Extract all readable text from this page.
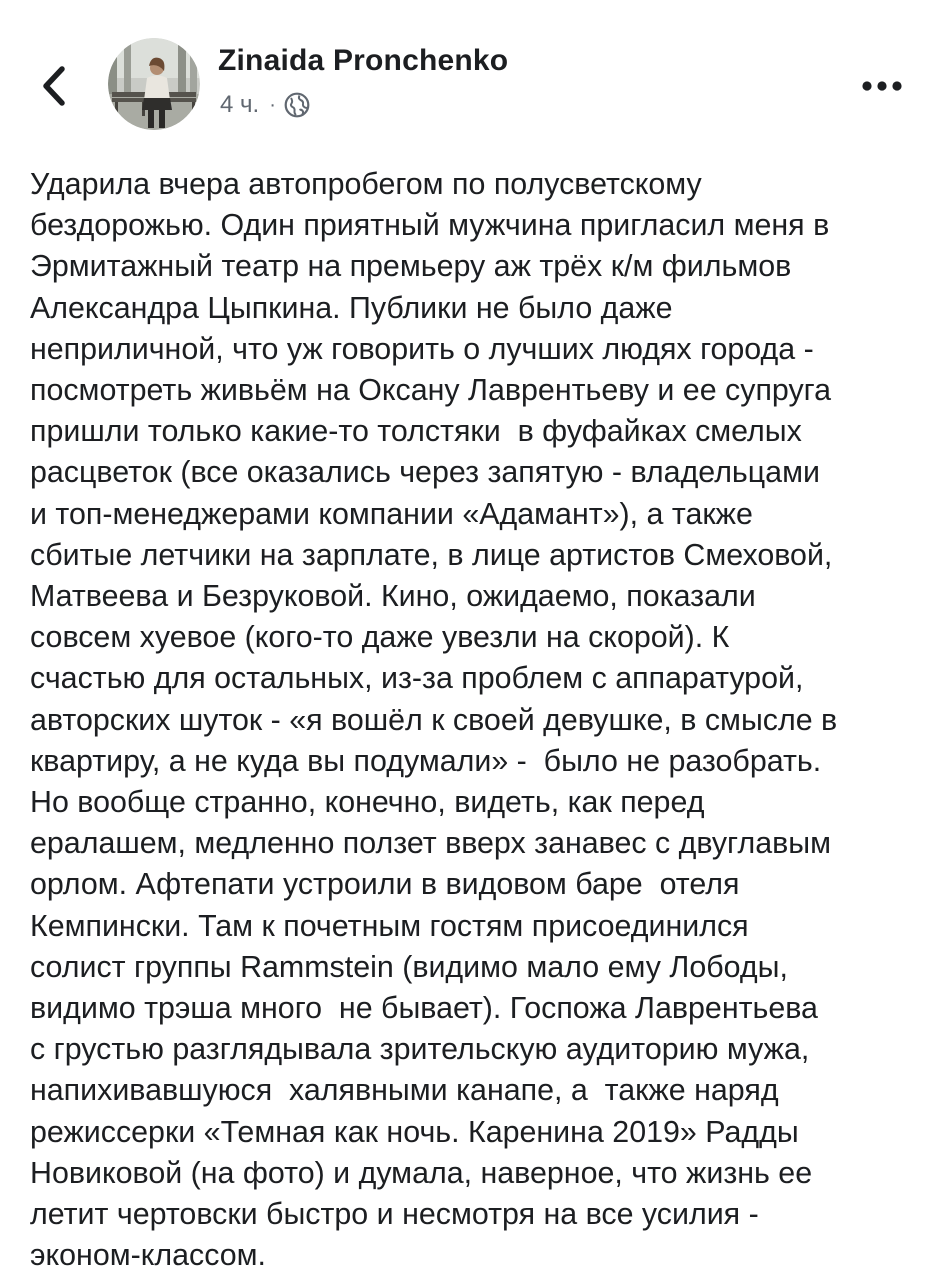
Zinaida Pronchenko
4 ч. ·
Ударила вчера автопробегом по полусветскому
бездорожью. Один приятный мужчина пригласил меня в
Эрмитажный театр на премьеру аж трёх к/м фильмов
Александра Цыпкина. Публики не было даже
неприличной, что уж говорить о лучших людях города -
посмотреть живьём на Оксану Лаврентьеву и ее супруга
пришли только какие-то толстяки  в фуфайках смелых
расцветок (все оказались через запятую - владельцами
и топ-менеджерами компании «Адамант»), а также
сбитые летчики на зарплате, в лице артистов Смеховой,
Матвеева и Безруковой. Кино, ожидаемо, показали
совсем хуевое (кого-то даже увезли на скорой). К
счастью для остальных, из-за проблем с аппаратурой,
авторских шуток - «я вошёл к своей девушке, в смысле в
квартиру, а не куда вы подумали» -  было не разобрать.
Но вообще странно, конечно, видеть, как перед
ералашем, медленно ползет вверх занавес с двуглавым
орлом. Афтепати устроили в видовом баре  отеля
Кемпински. Там к почетным гостям присоединился
солист группы Rammstein (видимо мало ему Лободы,
видимо трэша много  не бывает). Госпожа Лаврентьева
с грустью разглядывала зрительскую аудиторию мужа,
напихивавшуюся  халявными канапе, а  также наряд
режиссерки «Темная как ночь. Каренина 2019» Радды
Новиковой (на фото) и думала, наверное, что жизнь ее
летит чертовски быстро и несмотря на все усилия -
эконом-классом.
